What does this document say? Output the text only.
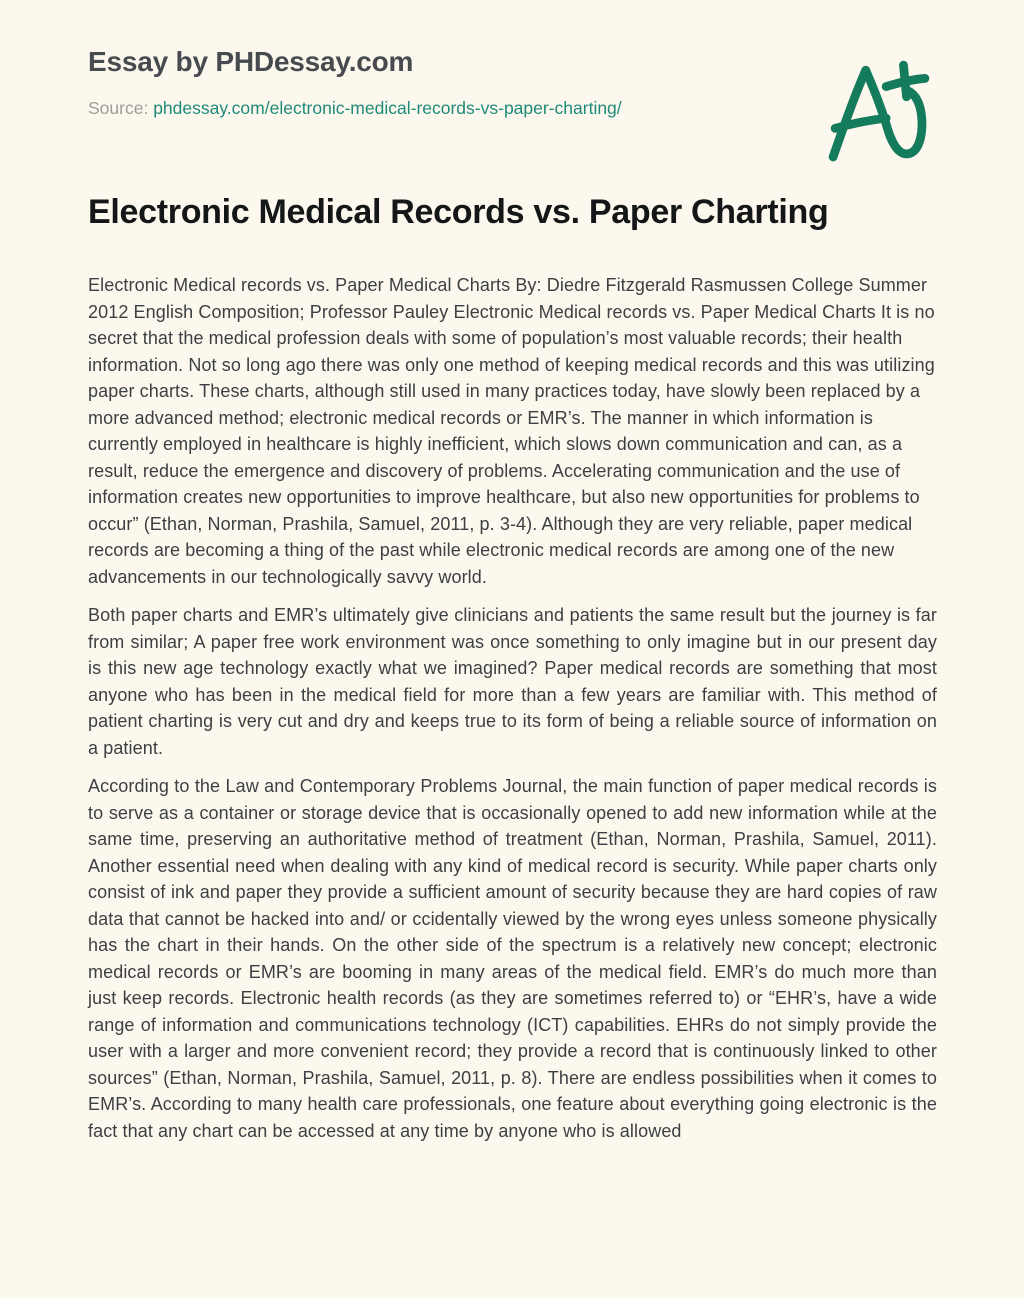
Essay by PHDessay.com
Source: phdessay.com/electronic-medical-records-vs-paper-charting/
Electronic Medical Records vs. Paper Charting

Electronic Medical records vs. Paper Medical Charts By: Diedre Fitzgerald Rasmussen College Summer 2012 English Composition; Professor Pauley Electronic Medical records vs. Paper Medical Charts It is no secret that the medical profession deals with some of population’s most valuable records; their health information. Not so long ago there was only one method of keeping medical records and this was utilizing paper charts. These charts, although still used in many practices today, have slowly been replaced by a more advanced method; electronic medical records or EMR’s. The manner in which information is currently employed in healthcare is highly inefficient, which slows down communication and can, as a result, reduce the emergence and discovery of problems. Accelerating communication and the use of information creates new opportunities to improve healthcare, but also new opportunities for problems to occur” (Ethan, Norman, Prashila, Samuel, 2011, p. 3-4). Although they are very reliable, paper medical records are becoming a thing of the past while electronic medical records are among one of the new advancements in our technologically savvy world.

Both paper charts and EMR’s ultimately give clinicians and patients the same result but the journey is far from similar; A paper free work environment was once something to only imagine but in our present day is this new age technology exactly what we imagined? Paper medical records are something that most anyone who has been in the medical field for more than a few years are familiar with. This method of patient charting is very cut and dry and keeps true to its form of being a reliable source of information on a patient.

According to the Law and Contemporary Problems Journal, the main function of paper medical records is to serve as a container or storage device that is occasionally opened to add new information while at the same time, preserving an authoritative method of treatment (Ethan, Norman, Prashila, Samuel, 2011). Another essential need when dealing with any kind of medical record is security. While paper charts only consist of ink and paper they provide a sufficient amount of security because they are hard copies of raw data that cannot be hacked into and/ or ccidentally viewed by the wrong eyes unless someone physically has the chart in their hands. On the other side of the spectrum is a relatively new concept; electronic medical records or EMR’s are booming in many areas of the medical field. EMR’s do much more than just keep records. Electronic health records (as they are sometimes referred to) or “EHR’s, have a wide range of information and communications technology (ICT) capabilities. EHRs do not simply provide the user with a larger and more convenient record; they provide a record that is continuously linked to other sources” (Ethan, Norman, Prashila, Samuel, 2011, p. 8). There are endless possibilities when it comes to EMR’s. According to many health care professionals, one feature about everything going electronic is the fact that any chart can be accessed at any time by anyone who is allowed
